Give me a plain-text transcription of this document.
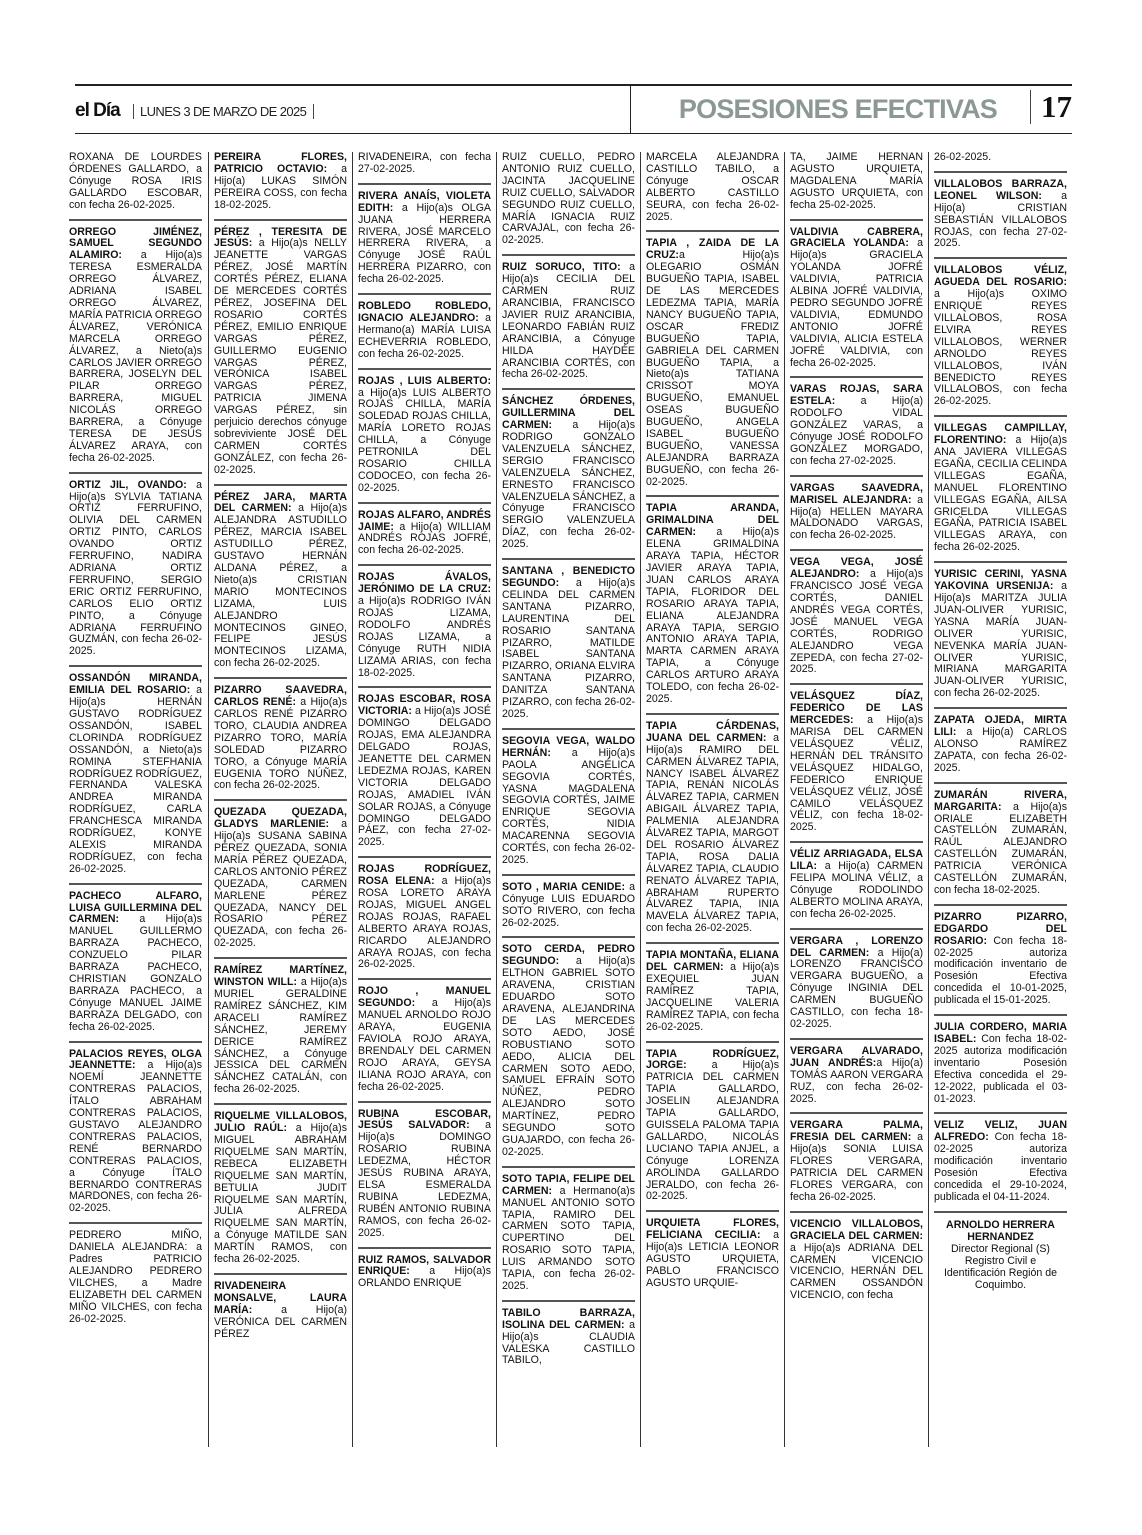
el Día	LUNES 3 DE MARZO DE 2025	POSESIONES EFECTIVAS	17
ROXANA DE LOURDES ÓRDENES GALLARDO, a Cónyuge ROSA IRIS GALLARDO ESCOBAR, con fecha 26-02-2025.
ORREGO JIMÉNEZ, SAMUEL SEGUNDO ALAMIRO: a Hijo(a)s TERESA ESMERALDA ORREGO ÁLVAREZ, ADRIANA ISABEL ORREGO ÁLVAREZ, MARÍA PATRICIA ORREGO ÁLVAREZ, VERÓNICA MARCELA ORREGO ÁLVAREZ, a Nieto(a)s CARLOS JAVIER ORREGO BARRERA, JOSELYN DEL PILAR ORREGO BARRERA, MIGUEL NICOLÁS ORREGO BARRERA, a Cónyuge TERESA DE JESÚS ÁLVAREZ ARAYA, con fecha 26-02-2025.
ORTIZ JIL, OVANDO: a Hijo(a)s SYLVIA TATIANA ORTIZ FERRUFINO, OLIVIA DEL CARMEN ORTIZ PINTO, CARLOS OVANDO ORTIZ FERRUFINO, NADIRA ADRIANA ORTIZ FERRUFINO, SERGIO ERIC ORTIZ FERRUFINO, CARLOS ELIO ORTIZ PINTO, a Cónyuge ADRIANA FERRUFINO GUZMÁN, con fecha 26-02-2025.
OSSANDÓN MIRANDA, EMILIA DEL ROSARIO: a Hijo(a)s HERNÁN GUSTAVO RODRÍGUEZ OSSANDÓN, ISABEL CLORINDA RODRÍGUEZ OSSANDÓN, a Nieto(a)s ROMINA STEFHANIA RODRÍGUEZ RODRÍGUEZ, FERNANDA VALESKA ANDREA MIRANDA RODRÍGUEZ, CARLA FRANCHESCA MIRANDA RODRÍGUEZ, KONYE ALEXIS MIRANDA RODRÍGUEZ, con fecha 26-02-2025.
PACHECO ALFARO, LUISA GUILLERMINA DEL CARMEN: a Hijo(a)s MANUEL GUILLERMO BARRAZA PACHECO, CONZUELO PILAR BARRAZA PACHECO, CHRISTIAN GONZALO BARRAZA PACHECO, a Cónyuge MANUEL JAIME BARRAZA DELGADO, con fecha 26-02-2025.
PALACIOS REYES, OLGA JEANNETTE: a Hijo(a)s NOEMÍ JEANNETTE CONTRERAS PALACIOS, ÍTALO ABRAHAM CONTRERAS PALACIOS, GUSTAVO ALEJANDRO CONTRERAS PALACIOS, RENÉ BERNARDO CONTRERAS PALACIOS, a Cónyuge ÍTALO BERNARDO CONTRERAS MARDONES, con fecha 26-02-2025.
PEDRERO MIÑO, DANIELA ALEJANDRA: a Padres PATRICIO ALEJANDRO PEDRERO VILCHES, a Madre ELIZABETH DEL CARMEN MIÑO VILCHES, con fecha 26-02-2025.
PEREIRA FLORES, PATRICIO OCTAVIO: a Hijo(a) LUKAS SIMÓN PEREIRA COSS, con fecha 18-02-2025.
PÉREZ , TERESITA DE JESÚS: a Hijo(a)s NELLY JEANETTE VARGAS PÉREZ, JOSÉ MARTÍN CORTÉS PÉREZ, ELIANA DE MERCEDES CORTÉS PÉREZ, JOSEFINA DEL ROSARIO CORTÉS PÉREZ, EMILIO ENRIQUE VARGAS PÉREZ, GUILLERMO EUGENIO VARGAS PÉREZ, VERÓNICA ISABEL VARGAS PÉREZ, PATRICIA JIMENA VARGAS PÉREZ, sin perjuicio derechos cónyuge sobreviviente JOSÉ DEL CARMEN CORTÉS GONZÁLEZ, con fecha 26-02-2025.
PÉREZ JARA, MARTA DEL CARMEN: a Hijo(a)s ALEJANDRA ASTUDILLO PÉREZ, MARCIA ISABEL ASTUDILLO PÉREZ, GUSTAVO HERNÁN ALDANA PÉREZ, a Nieto(a)s CRISTIAN MARIO MONTECINOS LIZAMA, LUIS ALEJANDRO MONTECINOS GINEO, FELIPE JESÚS MONTECINOS LIZAMA, con fecha 26-02-2025.
PIZARRO SAAVEDRA, CARLOS RENÉ: a Hijo(a)s CARLOS RENÉ PIZARRO TORO, CLAUDIA ANDREA PIZARRO TORO, MARÍA SOLEDAD PIZARRO TORO, a Cónyuge MARÍA EUGENIA TORO NÚÑEZ, con fecha 26-02-2025.
QUEZADA QUEZADA, GLADYS MARLENIE: a Hijo(a)s SUSANA SABINA PÉREZ QUEZADA, SONIA MARÍA PÉREZ QUEZADA, CARLOS ANTONIO PÉREZ QUEZADA, CARMEN MARLENE PÉREZ QUEZADA, NANCY DEL ROSARIO PÉREZ QUEZADA, con fecha 26-02-2025.
RAMÍREZ MARTÍNEZ, WINSTON WILL: a Hijo(a)s MURIEL GERALDINE RAMÍREZ SÁNCHEZ, KIM ARACELI RAMÍREZ SÁNCHEZ, JEREMY DERICE RAMÍREZ SÁNCHEZ, a Cónyuge JESSICA DEL CARMEN SÁNCHEZ CATALÁN, con fecha 26-02-2025.
RIQUELME VILLALOBOS, JULIO RAÚL: a Hijo(a)s MIGUEL ABRAHAM RIQUELME SAN MARTÍN, REBECA ELIZABETH RIQUELME SAN MARTÍN, BETULIA JUDIT RIQUELME SAN MARTÍN, JULIA ALFREDA RIQUELME SAN MARTÍN, a Cónyuge MATILDE SAN MARTÍN RAMOS, con fecha 26-02-2025.
RIVADENEIRA MONSALVE, LAURA MARÍA: a Hijo(a) VERÓNICA DEL CARMEN PÉREZ
RIVADENEIRA, con fecha 27-02-2025.
RIVERA ANAÍS, VIOLETA EDITH: a Hijo(a)s OLGA JUANA HERRERA RIVERA, JOSÉ MARCELO HERRERA RIVERA, a Cónyuge JOSÉ RAÚL HERRERA PIZARRO, con fecha 26-02-2025.
ROBLEDO ROBLEDO, IGNACIO ALEJANDRO: a Hermano(a) MARÍA LUISA ECHEVERRIA ROBLEDO, con fecha 26-02-2025.
ROJAS , LUIS ALBERTO: a Hijo(a)s LUIS ALBERTO ROJAS CHILLA, MARÍA SOLEDAD ROJAS CHILLA, MARÍA LORETO ROJAS CHILLA, a Cónyuge PETRONILA DEL ROSARIO CHILLA CODOCEO, con fecha 26-02-2025.
ROJAS ALFARO, ANDRÉS JAIME: a Hijo(a) WILLIAM ANDRÉS ROJAS JOFRÉ, con fecha 26-02-2025.
ROJAS ÁVALOS, JERÓNIMO DE LA CRUZ: a Hijo(a)s RODRIGO IVÁN ROJAS LIZAMA, RODOLFO ANDRÉS ROJAS LIZAMA, a Cónyuge RUTH NIDIA LIZAMA ARIAS, con fecha 18-02-2025.
ROJAS ESCOBAR, ROSA VICTORIA: a Hijo(a)s JOSÉ DOMINGO DELGADO ROJAS, EMA ALEJANDRA DELGADO ROJAS, JEANETTE DEL CARMEN LEDEZMA ROJAS, KAREN VICTORIA DELGADO ROJAS, AMADIEL IVÁN SOLAR ROJAS, a Cónyuge DOMINGO DELGADO PÁEZ, con fecha 27-02-2025.
ROJAS RODRÍGUEZ, ROSA ELENA: a Hijo(a)s ROSA LORETO ARAYA ROJAS, MIGUEL ANGEL ROJAS ROJAS, RAFAEL ALBERTO ARAYA ROJAS, RICARDO ALEJANDRO ARAYA ROJAS, con fecha 26-02-2025.
ROJO , MANUEL SEGUNDO: a Hijo(a)s MANUEL ARNOLDO ROJO ARAYA, EUGENIA FAVIOLA ROJO ARAYA, BRENDALY DEL CARMEN ROJO ARAYA, GEYSA ILIANA ROJO ARAYA, con fecha 26-02-2025.
RUBINA ESCOBAR, JESÚS SALVADOR: a Hijo(a)s DOMINGO ROSARIO RUBINA LEDEZMA, HÉCTOR JESÚS RUBINA ARAYA, ELSA ESMERALDA RUBINA LEDEZMA, RUBÉN ANTONIO RUBINA RAMOS, con fecha 26-02-2025.
RUIZ RAMOS, SALVADOR ENRIQUE: a Hijo(a)s ORLANDO ENRIQUE
RUIZ CUELLO, PEDRO ANTONIO RUIZ CUELLO, JACINTA JACQUELINE RUIZ CUELLO, SALVADOR SEGUNDO RUIZ CUELLO, MARÍA IGNACIA RUIZ CARVAJAL, con fecha 26-02-2025.
RUIZ SORUCO, TITO: a Hijo(a)s CECILIA DEL CARMEN RUIZ ARANCIBIA, FRANCISCO JAVIER RUIZ ARANCIBIA, LEONARDO FABIÁN RUIZ ARANCIBIA, a Cónyuge HILDA HAYDÉE ARANCIBIA CORTÉS, con fecha 26-02-2025.
SÁNCHEZ ÓRDENES, GUILLERMINA DEL CARMEN: a Hijo(a)s RODRIGO GONZALO VALENZUELA SÁNCHEZ, SERGIO FRANCISCO VALENZUELA SÁNCHEZ, ERNESTO FRANCISCO VALENZUELA SÁNCHEZ, a Cónyuge FRANCISCO SERGIO VALENZUELA DÍAZ, con fecha 26-02-2025.
SANTANA , BENEDICTO SEGUNDO: a Hijo(a)s CELINDA DEL CARMEN SANTANA PIZARRO, LAURENTINA DEL ROSARIO SANTANA PIZARRO, MATILDE ISABEL SANTANA PIZARRO, ORIANA ELVIRA SANTANA PIZARRO, DANITZA SANTANA PIZARRO, con fecha 26-02-2025.
SEGOVIA VEGA, WALDO HERNÁN: a Hijo(a)s PAOLA ANGÉLICA SEGOVIA CORTÉS, YASNA MAGDALENA SEGOVIA CORTÉS, JAIME ENRIQUE SEGOVIA CORTÉS, NIDIA MACARENNA SEGOVIA CORTÉS, con fecha 26-02-2025.
SOTO , MARIA CENIDE: a Cónyuge LUIS EDUARDO SOTO RIVERO, con fecha 26-02-2025.
SOTO CERDA, PEDRO SEGUNDO: a Hijo(a)s ELTHON GABRIEL SOTO ARAVENA, CRISTIAN EDUARDO SOTO ARAVENA, ALEJANDRINA DE LAS MERCEDES SOTO AEDO, JOSÉ ROBUSTIANO SOTO AEDO, ALICIA DEL CARMEN SOTO AEDO, SAMUEL EFRAÍN SOTO NÚÑEZ, PEDRO ALEJANDRO SOTO MARTÍNEZ, PEDRO SEGUNDO SOTO GUAJARDO, con fecha 26-02-2025.
SOTO TAPIA, FELIPE DEL CARMEN: a Hermano(a)s MANUEL ANTONIO SOTO TAPIA, RAMIRO DEL CARMEN SOTO TAPIA, CUPERTINO DEL ROSARIO SOTO TAPIA, LUIS ARMANDO SOTO TAPIA, con fecha 26-02-2025.
TABILO BARRAZA, ISOLINA DEL CARMEN: a Hijo(a)s CLAUDIA VALESKA CASTILLO TABILO,
MARCELA ALEJANDRA CASTILLO TABILO, a Cónyuge OSCAR ALBERTO CASTILLO SEURA, con fecha 26-02-2025.
TAPIA , ZAIDA DE LA CRUZ:a Hijo(a)s OLEGARIO OSMÁN BUGUEÑO TAPIA, ISABEL DE LAS MERCEDES LEDEZMA TAPIA, MARÍA NANCY BUGUEÑO TAPIA, OSCAR FREDIZ BUGUEÑO TAPIA, GABRIELA DEL CARMEN BUGUEÑO TAPIA, a Nieto(a)s TATIANA CRISSOT MOYA BUGUEÑO, EMANUEL OSEAS BUGUEÑO BUGUEÑO, ANGELA ISABEL BUGUEÑO BUGUEÑO, VANESSA ALEJANDRA BARRAZA BUGUEÑO, con fecha 26-02-2025.
TAPIA ARANDA, GRIMALDINA DEL CARMEN: a Hijo(a)s ELENA GRIMALDINA ARAYA TAPIA, HÉCTOR JAVIER ARAYA TAPIA, JUAN CARLOS ARAYA TAPIA, FLORIDOR DEL ROSARIO ARAYA TAPIA, ELIANA ALEJANDRA ARAYA TAPIA, SERGIO ANTONIO ARAYA TAPIA, MARTA CARMEN ARAYA TAPIA, a Cónyuge CARLOS ARTURO ARAYA TOLEDO, con fecha 26-02-2025.
TAPIA CÁRDENAS, JUANA DEL CARMEN: a Hijo(a)s RAMIRO DEL CARMEN ÁLVAREZ TAPIA, NANCY ISABEL ÁLVAREZ TAPIA, RENÁN NICOLÁS ÁLVAREZ TAPIA, CARMEN ABIGAIL ÁLVAREZ TAPIA, PALMENIA ALEJANDRA ÁLVAREZ TAPIA, MARGOT DEL ROSARIO ÁLVAREZ TAPIA, ROSA DALIA ÁLVAREZ TAPIA, CLAUDIO RENATO ÁLVAREZ TAPIA, ABRAHAM RUPERTO ÁLVAREZ TAPIA, INIA MAVELA ÁLVAREZ TAPIA, con fecha 26-02-2025.
TAPIA MONTAÑA, ELIANA DEL CARMEN: a Hijo(a)s EXEQUIEL JUAN RAMÍREZ TAPIA, JACQUELINE VALERIA RAMÍREZ TAPIA, con fecha 26-02-2025.
TAPIA RODRÍGUEZ, JORGE: a Hijo(a)s PATRICIA DEL CARMEN TAPIA GALLARDO, JOSELIN ALEJANDRA TAPIA GALLARDO, GUISSELA PALOMA TAPIA GALLARDO, NICOLÁS LUCIANO TAPIA ANJEL, a Cónyuge LORENZA AROLINDA GALLARDO JERALDO, con fecha 26-02-2025.
URQUIETA FLORES, FELICIANA CECILIA: a Hijo(a)s LETICIA LEONOR AGUSTO URQUIETA, PABLO FRANCISCO AGUSTO URQUIE-
TA, JAIME HERNÁN AGUSTO URQUIETA, MAGDALENA MARÍA AGUSTO URQUIETA, con fecha 25-02-2025.
VALDIVIA CABRERA, GRACIELA YOLANDA: a Hijo(a)s GRACIELA YOLANDA JOFRÉ VALDIVIA, PATRICIA ALBINA JOFRÉ VALDIVIA, PEDRO SEGUNDO JOFRÉ VALDIVIA, EDMUNDO ANTONIO JOFRÉ VALDIVIA, ALICIA ESTELA JOFRÉ VALDIVIA, con fecha 26-02-2025.
VARAS ROJAS, SARA ESTELA: a Hijo(a) RODOLFO VIDAL GONZÁLEZ VARAS, a Cónyuge JOSÉ RODOLFO GONZÁLEZ MORGADO, con fecha 27-02-2025.
VARGAS SAAVEDRA, MARISEL ALEJANDRA: a Hijo(a) HELLEN MAYARA MALDONADO VARGAS, con fecha 26-02-2025.
VEGA VEGA, JOSÉ ALEJANDRO: a Hijo(a)s FRANCISCO JOSÉ VEGA CORTÉS, DANIEL ANDRÉS VEGA CORTÉS, JOSÉ MANUEL VEGA CORTÉS, RODRIGO ALEJANDRO VEGA ZEPEDA, con fecha 27-02-2025.
VELÁSQUEZ DÍAZ, FEDERICO DE LAS MERCEDES: a Hijo(a)s MARISA DEL CARMEN VELÁSQUEZ VÉLIZ, HERNÁN DEL TRÁNSITO VELÁSQUEZ HIDALGO, FEDERICO ENRIQUE VELÁSQUEZ VÉLIZ, JOSÉ CAMILO VELÁSQUEZ VÉLIZ, con fecha 18-02-2025.
VÉLIZ ARRIAGADA, ELSA LILA: a Hijo(a) CARMEN FELIPA MOLINA VÉLIZ, a Cónyuge RODOLINDO ALBERTO MOLINA ARAYA, con fecha 26-02-2025.
VERGARA , LORENZO DEL CARMEN: a Hijo(a) LORENZO FRANCISCO VERGARA BUGUEÑO, a Cónyuge INGINIA DEL CARMEN BUGUEÑO CASTILLO, con fecha 18-02-2025.
VERGARA ALVARADO, JUAN ANDRÉS:a Hijo(a) TOMÁS AARON VERGARA RUZ, con fecha 26-02-2025.
VERGARA PALMA, FRESIA DEL CARMEN: a Hijo(a)s SONIA LUISA FLORES VERGARA, PATRICIA DEL CARMEN FLORES VERGARA, con fecha 26-02-2025.
VICENCIO VILLALOBOS, GRACIELA DEL CARMEN: a Hijo(a)s ADRIANA DEL CARMEN VICENCIO VICENCIO, HERNÁN DEL CARMEN OSSANDÓN VICENCIO, con fecha
26-02-2025.
VILLALOBOS BARRAZA, LEONEL WILSON: a Hijo(a) CRISTIAN SEBASTIÁN VILLALOBOS ROJAS, con fecha 27-02-2025.
VILLALOBOS VÉLIZ, AGUEDA DEL ROSARIO: a Hijo(a)s OXIMO ENRIQUE REYES VILLALOBOS, ROSA ELVIRA REYES VILLALOBOS, WERNER ARNOLDO REYES VILLALOBOS, IVÁN BENEDICTO REYES VILLALOBOS, con fecha 26-02-2025.
VILLEGAS CAMPILLAY, FLORENTINO: a Hijo(a)s ANA JAVIERA VILLEGAS EGAÑA, CECILIA CELINDA VILLEGAS EGAÑA, MANUEL FLORENTINO VILLEGAS EGAÑA, AILSA GRICELDA VILLEGAS EGAÑA, PATRICIA ISABEL VILLEGAS ARAYA, con fecha 26-02-2025.
YURISIC CERINI, YASNA YAKOVINA URSENIJA: a Hijo(a)s MARITZA JULIA JUAN-OLIVER YURISIC, YASNA MARÍA JUAN-OLIVER YURISIC, NEVENKA MARÍA JUAN-OLIVER YURISIC, MIRIANA MARGARITA JUAN-OLIVER YURISIC, con fecha 26-02-2025.
ZAPATA OJEDA, MIRTA LILI: a Hijo(a) CARLOS ALONSO RAMÍREZ ZAPATA, con fecha 26-02-2025.
ZUMARÁN RIVERA, MARGARITA: a Hijo(a)s ORIALE ELIZABETH CASTELLÓN ZUMARÁN, RAÚL ALEJANDRO CASTELLÓN ZUMARÁN, PATRICIA VERÓNICA CASTELLÓN ZUMARÁN, con fecha 18-02-2025.
PIZARRO PIZARRO, EDGARDO DEL ROSARIO: Con fecha 18-02-2025 autoriza modificación inventario de Posesión Efectiva concedida el 10-01-2025, publicada el 15-01-2025.
JULIA CORDERO, MARIA ISABEL: Con fecha 18-02-2025 autoriza modificación inventario Posesión Efectiva concedida el 29-12-2022, publicada el 03-01-2023.
VELIZ VELIZ, JUAN ALFREDO: Con fecha 18-02-2025 autoriza modificación inventario Posesión Efectiva concedida el 29-10-2024, publicada el 04-11-2024.
ARNOLDO HERRERA HERNANDEZ
Director Regional (S) Registro Civil e Identificación Región de Coquimbo.
